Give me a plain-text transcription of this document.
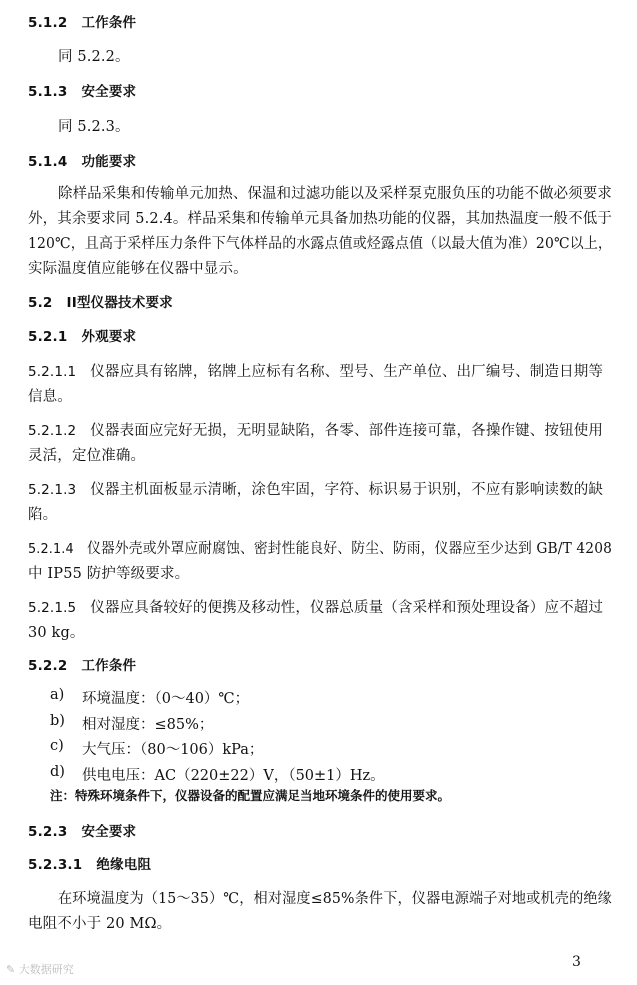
5.1.2 工作条件
同 5.2.2。
5.1.3 安全要求
同 5.2.3。
5.1.4 功能要求
除样品采集和传输单元加热、保温和过滤功能以及采样泵克服负压的功能不做必须要求
外，其余要求同 5.2.4。样品采集和传输单元具备加热功能的仪器，其加热温度一般不低于
120℃，且高于采样压力条件下气体样品的水露点值或烃露点值（以最大值为准）20℃以上，
实际温度值应能够在仪器中显示。
5.2 II型仪器技术要求
5.2.1 外观要求
5.2.1.1 仪器应具有铭牌，铭牌上应标有名称、型号、生产单位、出厂编号、制造日期等
信息。
5.2.1.2 仪器表面应完好无损，无明显缺陷，各零、部件连接可靠，各操作键、按钮使用
灵活，定位准确。
5.2.1.3 仪器主机面板显示清晰，涂色牢固，字符、标识易于识别，不应有影响读数的缺
陷。
5.2.1.4 仪器外壳或外罩应耐腐蚀、密封性能良好、防尘、防雨，仪器应至少达到 GB/T 4208
中 IP55 防护等级要求。
5.2.1.5 仪器应具备较好的便携及移动性，仪器总质量（含采样和预处理设备）应不超过
30 kg。
5.2.2 工作条件
a) 环境温度：（0～40）℃；
b) 相对湿度：≤85%；
c) 大气压：（80～106）kPa；
d) 供电电压：AC（220±22）V，（50±1）Hz。
注：特殊环境条件下，仪器设备的配置应满足当地环境条件的使用要求。
5.2.3 安全要求
5.2.3.1 绝缘电阻
在环境温度为（15～35）℃，相对湿度≤85%条件下，仪器电源端子对地或机壳的绝缘
电阻不小于 20 MΩ。
3
✎ 大数据研究
